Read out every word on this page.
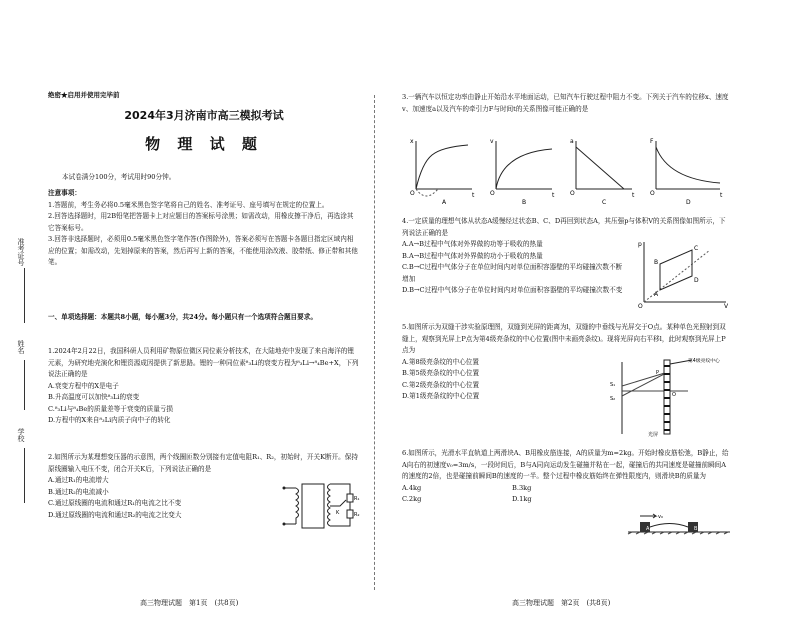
准考证号
姓名
学校
绝密★启用并使用完毕前
2024年3月济南市高三模拟考试
物 理 试 题
本试卷满分100分，考试用时90分钟。
注意事项：
1.答题前，考生务必将0.5毫米黑色签字笔将自己的姓名、准考证号、座号填写在规定的位置上。
2.回答选择题时，用2B铅笔把答题卡上对应题目的答案标号涂黑；如需改动，用橡皮擦干净后，再选涂其它答案标号。
3.回答非选择题时，必须用0.5毫米黑色签字笔作答(作图除外)，答案必须写在答题卡各题目指定区域内相应的位置；如需改动，先划掉原来的答案，然后再写上新的答案，不能使用涂改液、胶带纸、修正带和其他笔。
一、单项选择题：本题共8小题，每小题3分，共24分。每小题只有一个选项符合题目要求。
1.2024年2月22日，我国科研人员利用矿物原位微区同位素分析技术，在大陆地壳中发现了来自海洋的锂元素，为研究地壳演化和锂资源成因提供了新思路。锂的一种同位素⁸₃Li的衰变方程为⁸₃Li→⁸₄Be+X，下列说法正确的是
A.衰变方程中的X是电子
B.升高温度可以加快⁸₃Li的衰变
C.⁸₃Li与⁸₄Be的质量差等于衰变的质量亏损
D.方程中的X来自⁸₃Li内质子向中子的转化
2.如图所示为某理想变压器的示意图，两个线圈匝数分别接有定值电阻R₁、R₂，初始时，开关K断开。保持原线圈输入电压不变，闭合开关K后，下列说法正确的是
A.通过R₁的电流增大
B.通过R₂的电流减小
C.通过原线圈的电流和通过R₁的电流之比不变
D.通过原线圈的电流和通过R₂的电流之比变大
R₁
R₂
K
高三物理试题　第1页　(共8页)
3.一辆汽车以恒定功率由静止开始沿水平地面运动，已知汽车行驶过程中阻力不变。下列关于汽车的位移x、速度v、加速度a以及汽车的牵引力F与时间t的关系图像可能正确的是
x
t
O
A
v
t
O
B
a
t
O
C
F
t
O
D
4.一定质量的理想气体从状态A缓慢经过状态B、C、D再回到状态A，其压强p与体积V的关系图像如图所示，下列说法正确的是
A.A→B过程中气体对外界做的功等于吸收的热量
B.A→B过程中气体对外界做的功小于吸收的热量
C.B→C过程中气体分子在单位时间内对单位面积容器壁的平均碰撞次数不断增加
D.B→C过程中气体分子在单位时间内对单位面积容器壁的平均碰撞次数不变
p
V
A
B
C
D
O
5.如图所示为双缝干涉实验原理图，双缝到光屏的距离为l，双缝的中垂线与光屏交于O点。某种单色光照射到双缝上，观察到光屏上P点为第4级亮条纹的中心位置(图中未画亮条纹)。现将光屏向右平移l，此时观察到光屏上P点为
A.第8级亮条纹的中心位置
B.第5级亮条纹的中心位置
C.第2级亮条纹的中心位置
D.第1级亮条纹的中心位置
第4级亮纹中心
P
O
S₁
S₂
光屏
6.如图所示，光滑水平直轨道上两滑块A、B用橡皮筋连接，A的质量为m=2kg。开始时橡皮筋松弛，B静止，给A向右的初速度v₀=3m/s，一段时间后，B与A同向运动发生碰撞并粘在一起，碰撞后的共同速度是碰撞前瞬间A的速度的2倍，也是碰撞前瞬间B的速度的一半。整个过程中橡皮筋始终在弹性限度内，则滑块B的质量为
A.4kg	B.3kg
C.2kg	D.1kg
A	B
v₀
高三物理试题　第2页　(共8页)
